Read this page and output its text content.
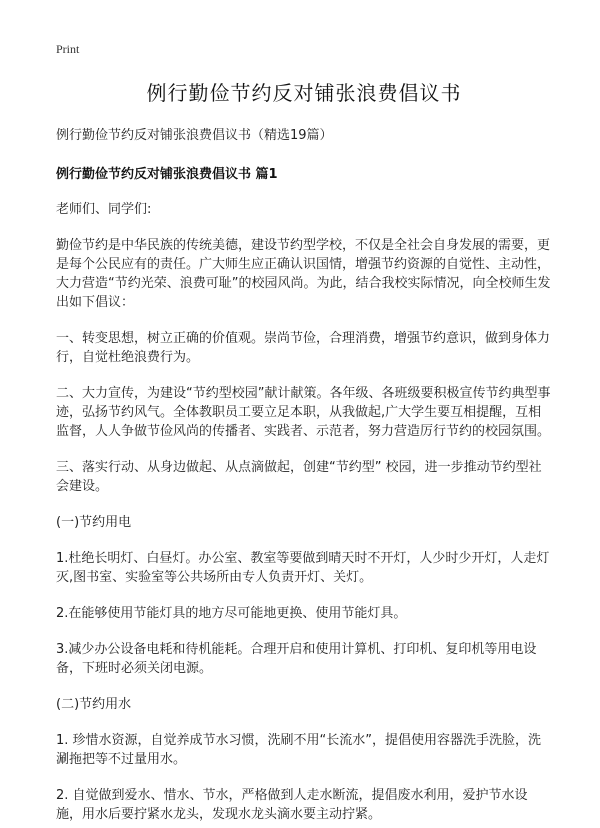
Print
例行勤俭节约反对铺张浪费倡议书
例行勤俭节约反对铺张浪费倡议书（精选19篇）
例行勤俭节约反对铺张浪费倡议书 篇1

老师们、同学们:

勤俭节约是中华民族的传统美德，建设节约型学校，不仅是全社会自身发展的需要，更是每个公民应有的责任。广大师生应正确认识国情，增强节约资源的自觉性、主动性，大力营造“节约光荣、浪费可耻”的校园风尚。为此，结合我校实际情况，向全校师生发出如下倡议：

一、转变思想，树立正确的价值观。崇尚节俭，合理消费，增强节约意识，做到身体力行，自觉杜绝浪费行为。

二、大力宣传，为建设“节约型校园”献计献策。各年级、各班级要积极宣传节约典型事迹，弘扬节约风气。全体教职员工要立足本职，从我做起,广大学生要互相提醒，互相监督，人人争做节俭风尚的传播者、实践者、示范者，努力营造厉行节约的校园氛围。

三、落实行动、从身边做起、从点滴做起，创建“节约型” 校园，进一步推动节约型社会建设。

(一)节约用电

1.杜绝长明灯、白昼灯。办公室、教室等要做到晴天时不开灯，人少时少开灯，人走灯灭,图书室、实验室等公共场所由专人负责开灯、关灯。

2.在能够使用节能灯具的地方尽可能地更换、使用节能灯具。

3.减少办公设备电耗和待机能耗。合理开启和使用计算机、打印机、复印机等用电设备，下班时必须关闭电源。

(二)节约用水

1. 珍惜水资源，自觉养成节水习惯，洗刷不用“长流水”，提倡使用容器洗手洗脸，洗涮拖把等不过量用水。

2. 自觉做到爱水、惜水、节水，严格做到人走水断流，提倡废水利用，爱护节水设施，用水后要拧紧水龙头，发现水龙头滴水要主动拧紧。
